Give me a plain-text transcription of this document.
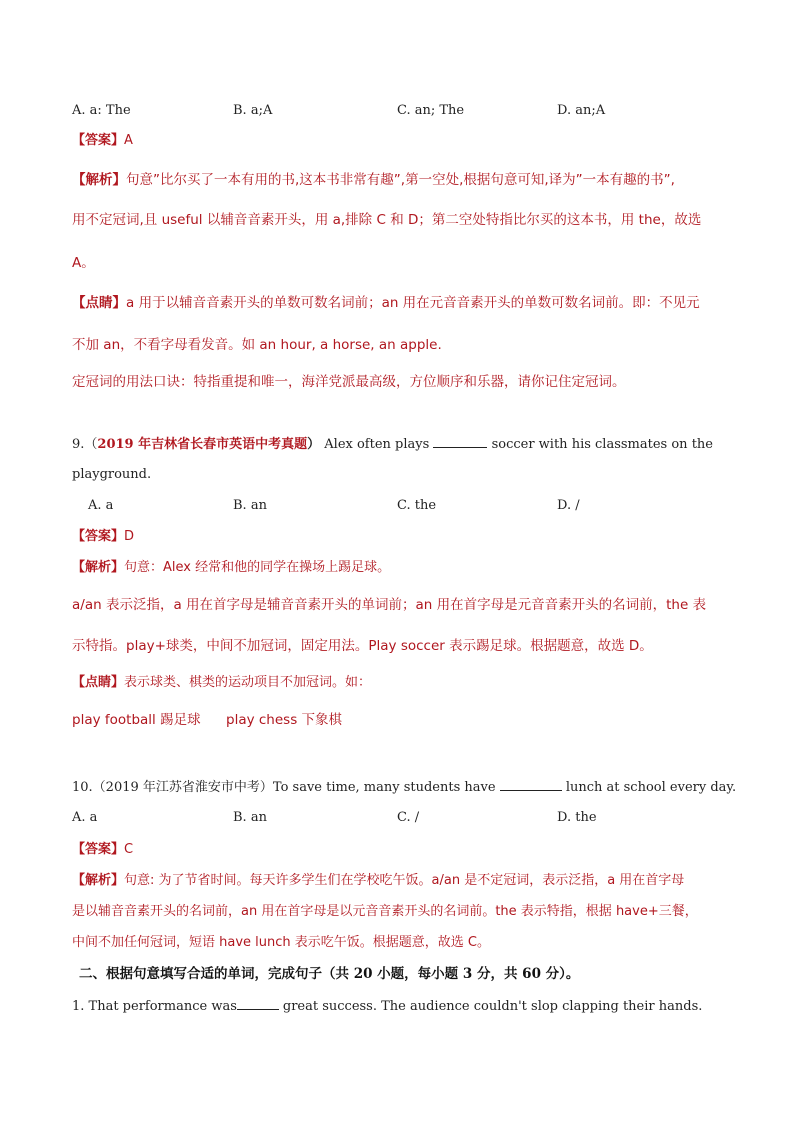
A. a: The	B. a;A	C. an; The	D. an;A
【答案】A
【解析】句意”比尔买了一本有用的书,这本书非常有趣”,第一空处,根据句意可知,译为”一本有趣的书”,
用不定冠词,且 useful 以辅音音素开头，用 a,排除 C 和 D；第二空处特指比尔买的这本书，用 the，故选
A。
【点睛】a 用于以辅音音素开头的单数可数名词前；an 用在元音音素开头的单数可数名词前。即：不见元
不加 an，不看字母看发音。如 an hour, a horse, an apple.
定冠词的用法口诀：特指重提和唯一，海洋党派最高级，方位顺序和乐器，请你记住定冠词。
9.（2019 年吉林省长春市英语中考真题） Alex often plays	soccer with his classmates on the
playground.
A. a	B. an	C. the	D. /
【答案】D
【解析】句意：Alex 经常和他的同学在操场上踢足球。
a/an 表示泛指，a 用在首字母是辅音音素开头的单词前；an 用在首字母是元音音素开头的名词前，the 表
示特指。play+球类，中间不加冠词，固定用法。Play soccer 表示踢足球。根据题意，故选 D。
【点睛】表示球类、棋类的运动项目不加冠词。如：
play football 踢足球 play chess 下象棋
10.（2019 年江苏省淮安市中考）To save time, many students have	lunch at school every day.
A. a	B. an	C. /	D. the
【答案】C
【解析】句意: 为了节省时间。每天许多学生们在学校吃午饭。a/an 是不定冠词，表示泛指，a 用在首字母
是以辅音音素开头的名词前，an 用在首字母是以元音音素开头的名词前。the 表示特指，根据 have+三餐，
中间不加任何冠词，短语 have lunch 表示吃午饭。根据题意，故选 C。
二、根据句意填写合适的单词，完成句子（共 20 小题，每小题 3 分，共 60 分）。
1. That performance was	great success. The audience couldn't slop clapping their hands.
